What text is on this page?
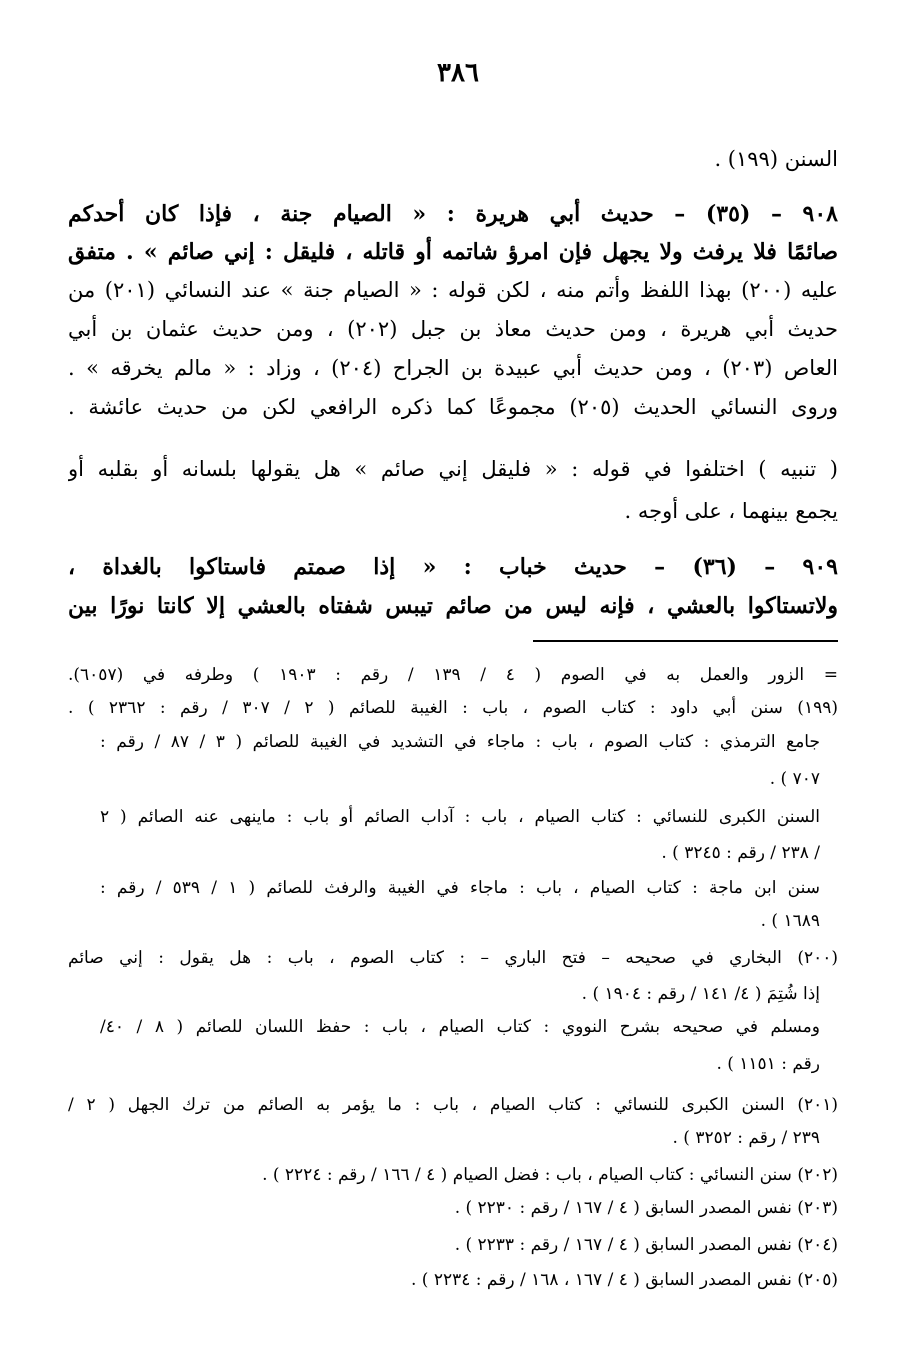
٣٨٦
السنن (١٩٩) .
٩٠٨ – (٣٥) – حديث أبي هريرة : « الصيام جنة ، فإذا كان أحدكم
صائمًا فلا يرفث ولا يجهل فإن امرؤ شاتمه أو قاتله ، فليقل : إني صائم » . متفق
عليه (٢٠٠) بهذا اللفظ وأتم منه ، لكن قوله : « الصيام جنة » عند النسائي (٢٠١) من
حديث أبي هريرة ، ومن حديث معاذ بن جبل (٢٠٢) ، ومن حديث عثمان بن أبي
العاص (٢٠٣) ، ومن حديث أبي عبيدة بن الجراح (٢٠٤) ، وزاد : « مالم يخرقه » .
وروى النسائي الحديث (٢٠٥) مجموعًا كما ذكره الرافعي لكن من حديث عائشة .
( تنبيه ) اختلفوا في قوله : « فليقل إني صائم » هل يقولها بلسانه أو بقلبه أو
يجمع بينهما ، على أوجه .
٩٠٩ – (٣٦) – حديث خباب : « إذا صمتم فاستاكوا بالغداة ،
ولاتستاكوا بالعشي ، فإنه ليس من صائم تيبس شفتاه بالعشي إلا كانتا نورًا بين
= الزور والعمل به في الصوم ( ٤ / ١٣٩ / رقم : ١٩٠٣ ) وطرفه في (٦٠٥٧).
(١٩٩) سنن أبي داود : كتاب الصوم ، باب : الغيبة للصائم ( ٢ / ٣٠٧ / رقم : ٢٣٦٢ ) .
جامع الترمذي : كتاب الصوم ، باب : ماجاء في التشديد في الغيبة للصائم ( ٣ / ٨٧ / رقم :
٧٠٧ ) .
السنن الكبرى للنسائي : كتاب الصيام ، باب : آداب الصائم أو باب : ماينهى عنه الصائم ( ٢
/ ٢٣٨ / رقم : ٣٢٤٥ ) .
سنن ابن ماجة : كتاب الصيام ، باب : ماجاء في الغيبة والرفث للصائم ( ١ / ٥٣٩ / رقم :
١٦٨٩ ) .
(٢٠٠) البخاري في صحيحه – فتح الباري – : كتاب الصوم ، باب : هل يقول : إني صائم
إذا شُتِمَ ( ٤/ ١٤١ / رقم : ١٩٠٤ ) .
ومسلم في صحيحه بشرح النووي : كتاب الصيام ، باب : حفظ اللسان للصائم ( ٨ / ٤٠/
رقم : ١١٥١ ) .
(٢٠١) السنن الكبرى للنسائي : كتاب الصيام ، باب : ما يؤمر به الصائم من ترك الجهل ( ٢ /
٢٣٩ / رقم : ٣٢٥٢ ) .
(٢٠٢) سنن النسائي : كتاب الصيام ، باب : فضل الصيام ( ٤ / ١٦٦ / رقم : ٢٢٢٤ ) .
(٢٠٣) نفس المصدر السابق ( ٤ / ١٦٧ / رقم : ٢٢٣٠ ) .
(٢٠٤) نفس المصدر السابق ( ٤ / ١٦٧ / رقم : ٢٢٣٣ ) .
(٢٠٥) نفس المصدر السابق ( ٤ / ١٦٧ ، ١٦٨ / رقم : ٢٢٣٤ ) .
